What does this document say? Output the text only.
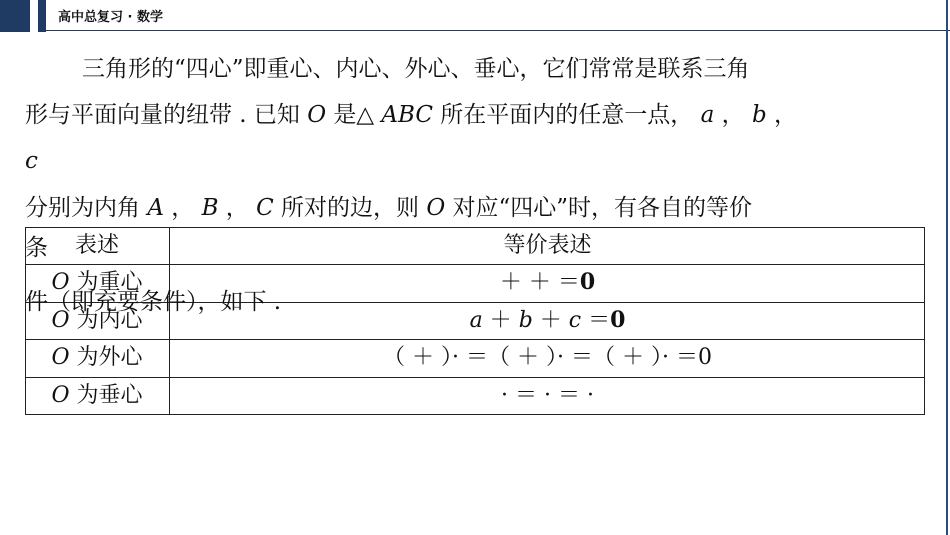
高中总复习 · 数学
三角形的“四心”即重心、内心、外心、垂心，它们常常是联系三角
形与平面向量的纽带 . 已知 O 是△ ABC 所在平面内的任意一点， a ， b ，
c
分别为内角 A ， B ， C 所对的边，则 O 对应“四心”时，有各自的等价
表述	等价表述
O 为重心	＋ ＋ ＝0
O 为内心	a ＋ b ＋ c ＝0
O 为外心	（ ＋ ）· ＝（ ＋ ）· ＝（ ＋ ）· ＝0
O 为垂心	· ＝ · ＝ ·
条
件（即充要条件），如下 .
